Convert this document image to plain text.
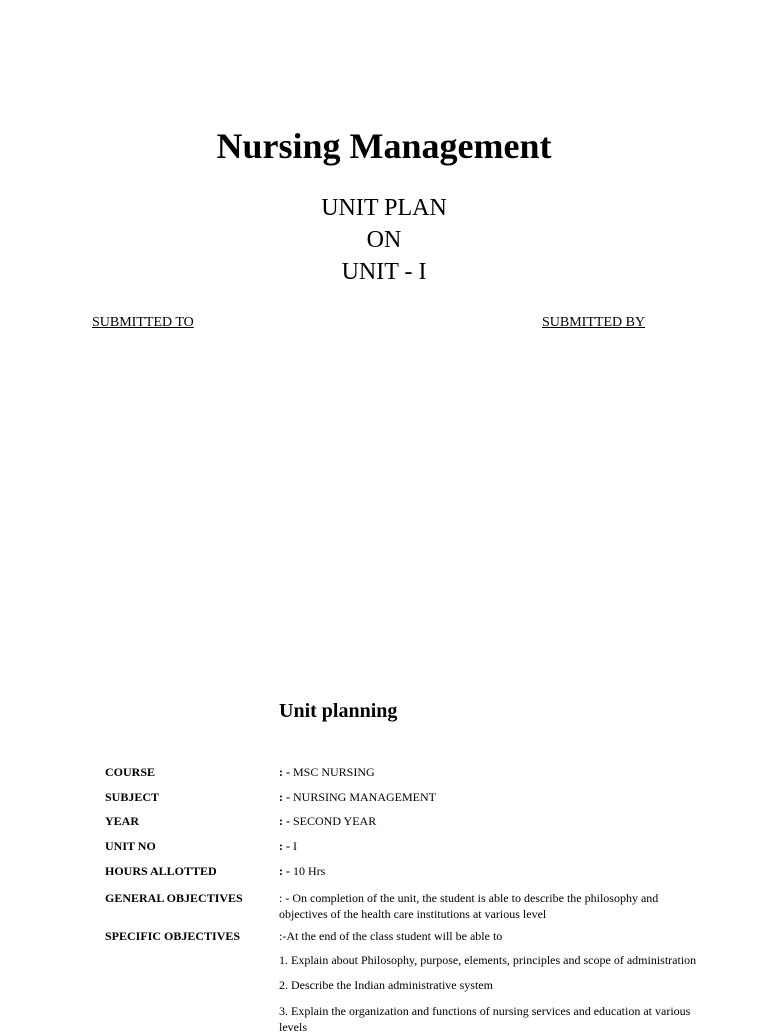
Nursing Management
UNIT PLAN
ON
UNIT - I
SUBMITTED TO	SUBMITTED BY
Unit planning
COURSE	: - MSC NURSING
SUBJECT	: - NURSING MANAGEMENT
YEAR	: - SECOND YEAR
UNIT NO	: - I
HOURS ALLOTTED	: - 10 Hrs
GENERAL OBJECTIVES	: - On completion of the unit, the student is able to describe the philosophy and objectives of the health care institutions at various level
SPECIFIC OBJECTIVES	:-At the end of the class student will be able to
1. Explain about Philosophy, purpose, elements, principles and scope of administration
2. Describe the Indian administrative system
3. Explain the organization and functions of nursing services and education at various levels
